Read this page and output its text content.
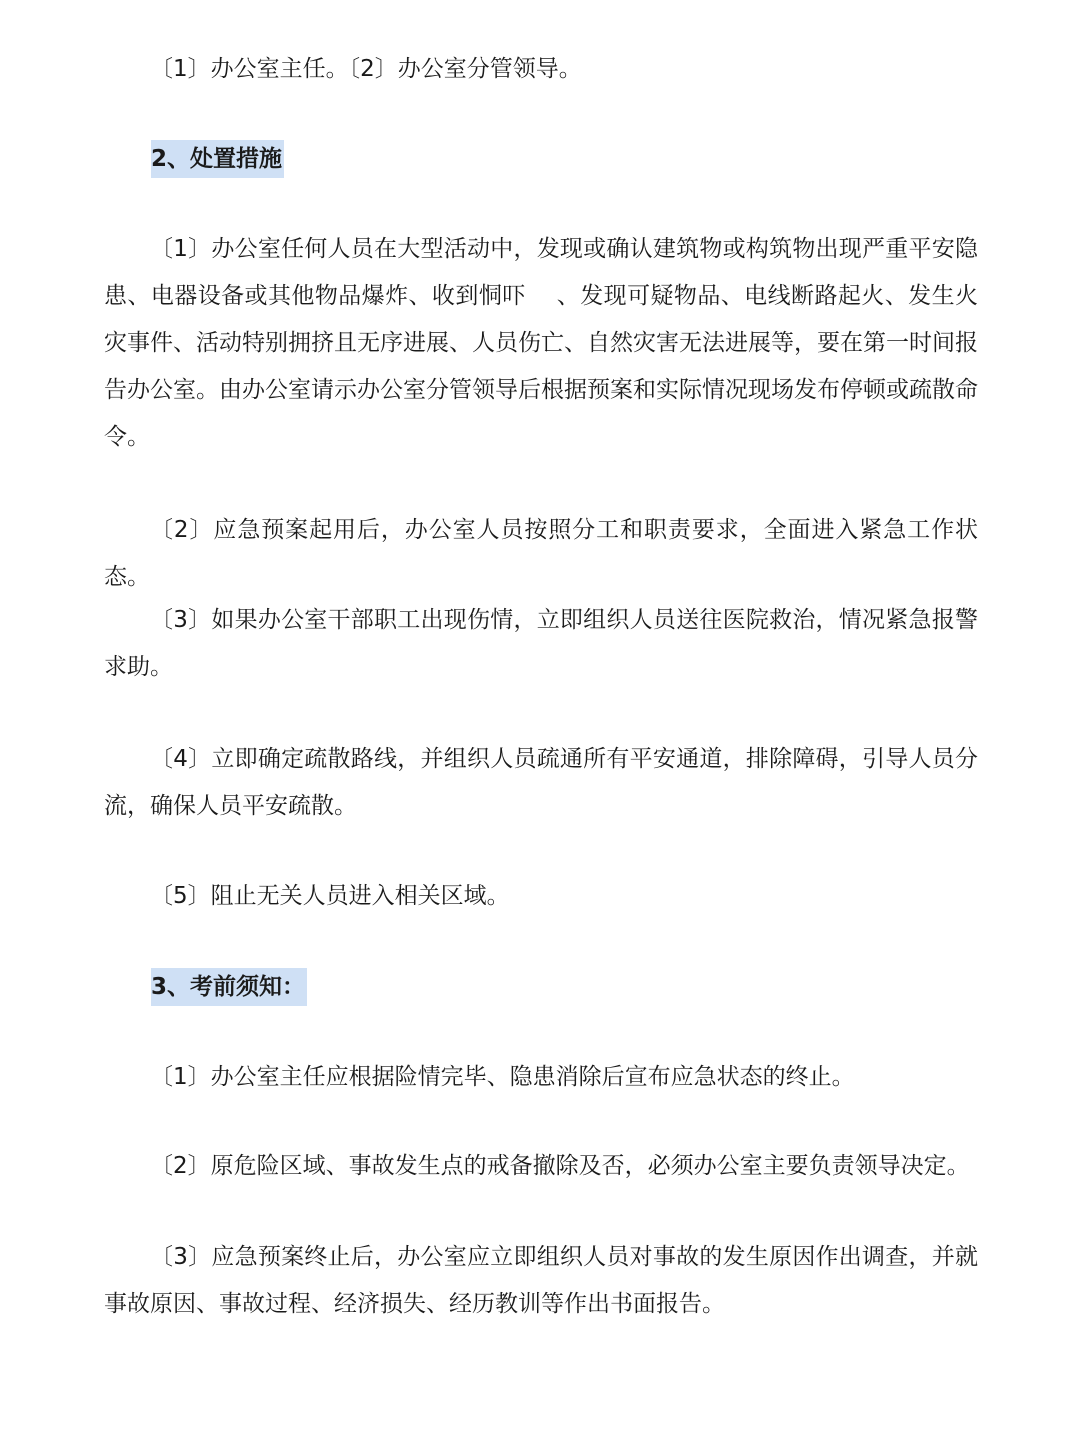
〔1〕办公室主任。〔2〕办公室分管领导。

2、处置措施

〔1〕办公室任何人员在大型活动中，发现或确认建筑物或构筑物出现严重平安隐患、电器设备或其他物品爆炸、收到恫吓　 、发现可疑物品、电线断路起火、发生火灾事件、活动特别拥挤且无序进展、人员伤亡、自然灾害无法进展等，要在第一时间报告办公室。由办公室请示办公室分管领导后根据预案和实际情况现场发布停顿或疏散命令。

〔2〕应急预案起用后，办公室人员按照分工和职责要求，全面进入紧急工作状态。

〔3〕如果办公室干部职工出现伤情，立即组织人员送往医院救治，情况紧急报警求助。

〔4〕立即确定疏散路线，并组织人员疏通所有平安通道，排除障碍，引导人员分流，确保人员平安疏散。

〔5〕阻止无关人员进入相关区域。

3、考前须知：

〔1〕办公室主任应根据险情完毕、隐患消除后宣布应急状态的终止。

〔2〕原危险区域、事故发生点的戒备撤除及否，必须办公室主要负责领导决定。

〔3〕应急预案终止后，办公室应立即组织人员对事故的发生原因作出调查，并就事故原因、事故过程、经济损失、经历教训等作出书面报告。
